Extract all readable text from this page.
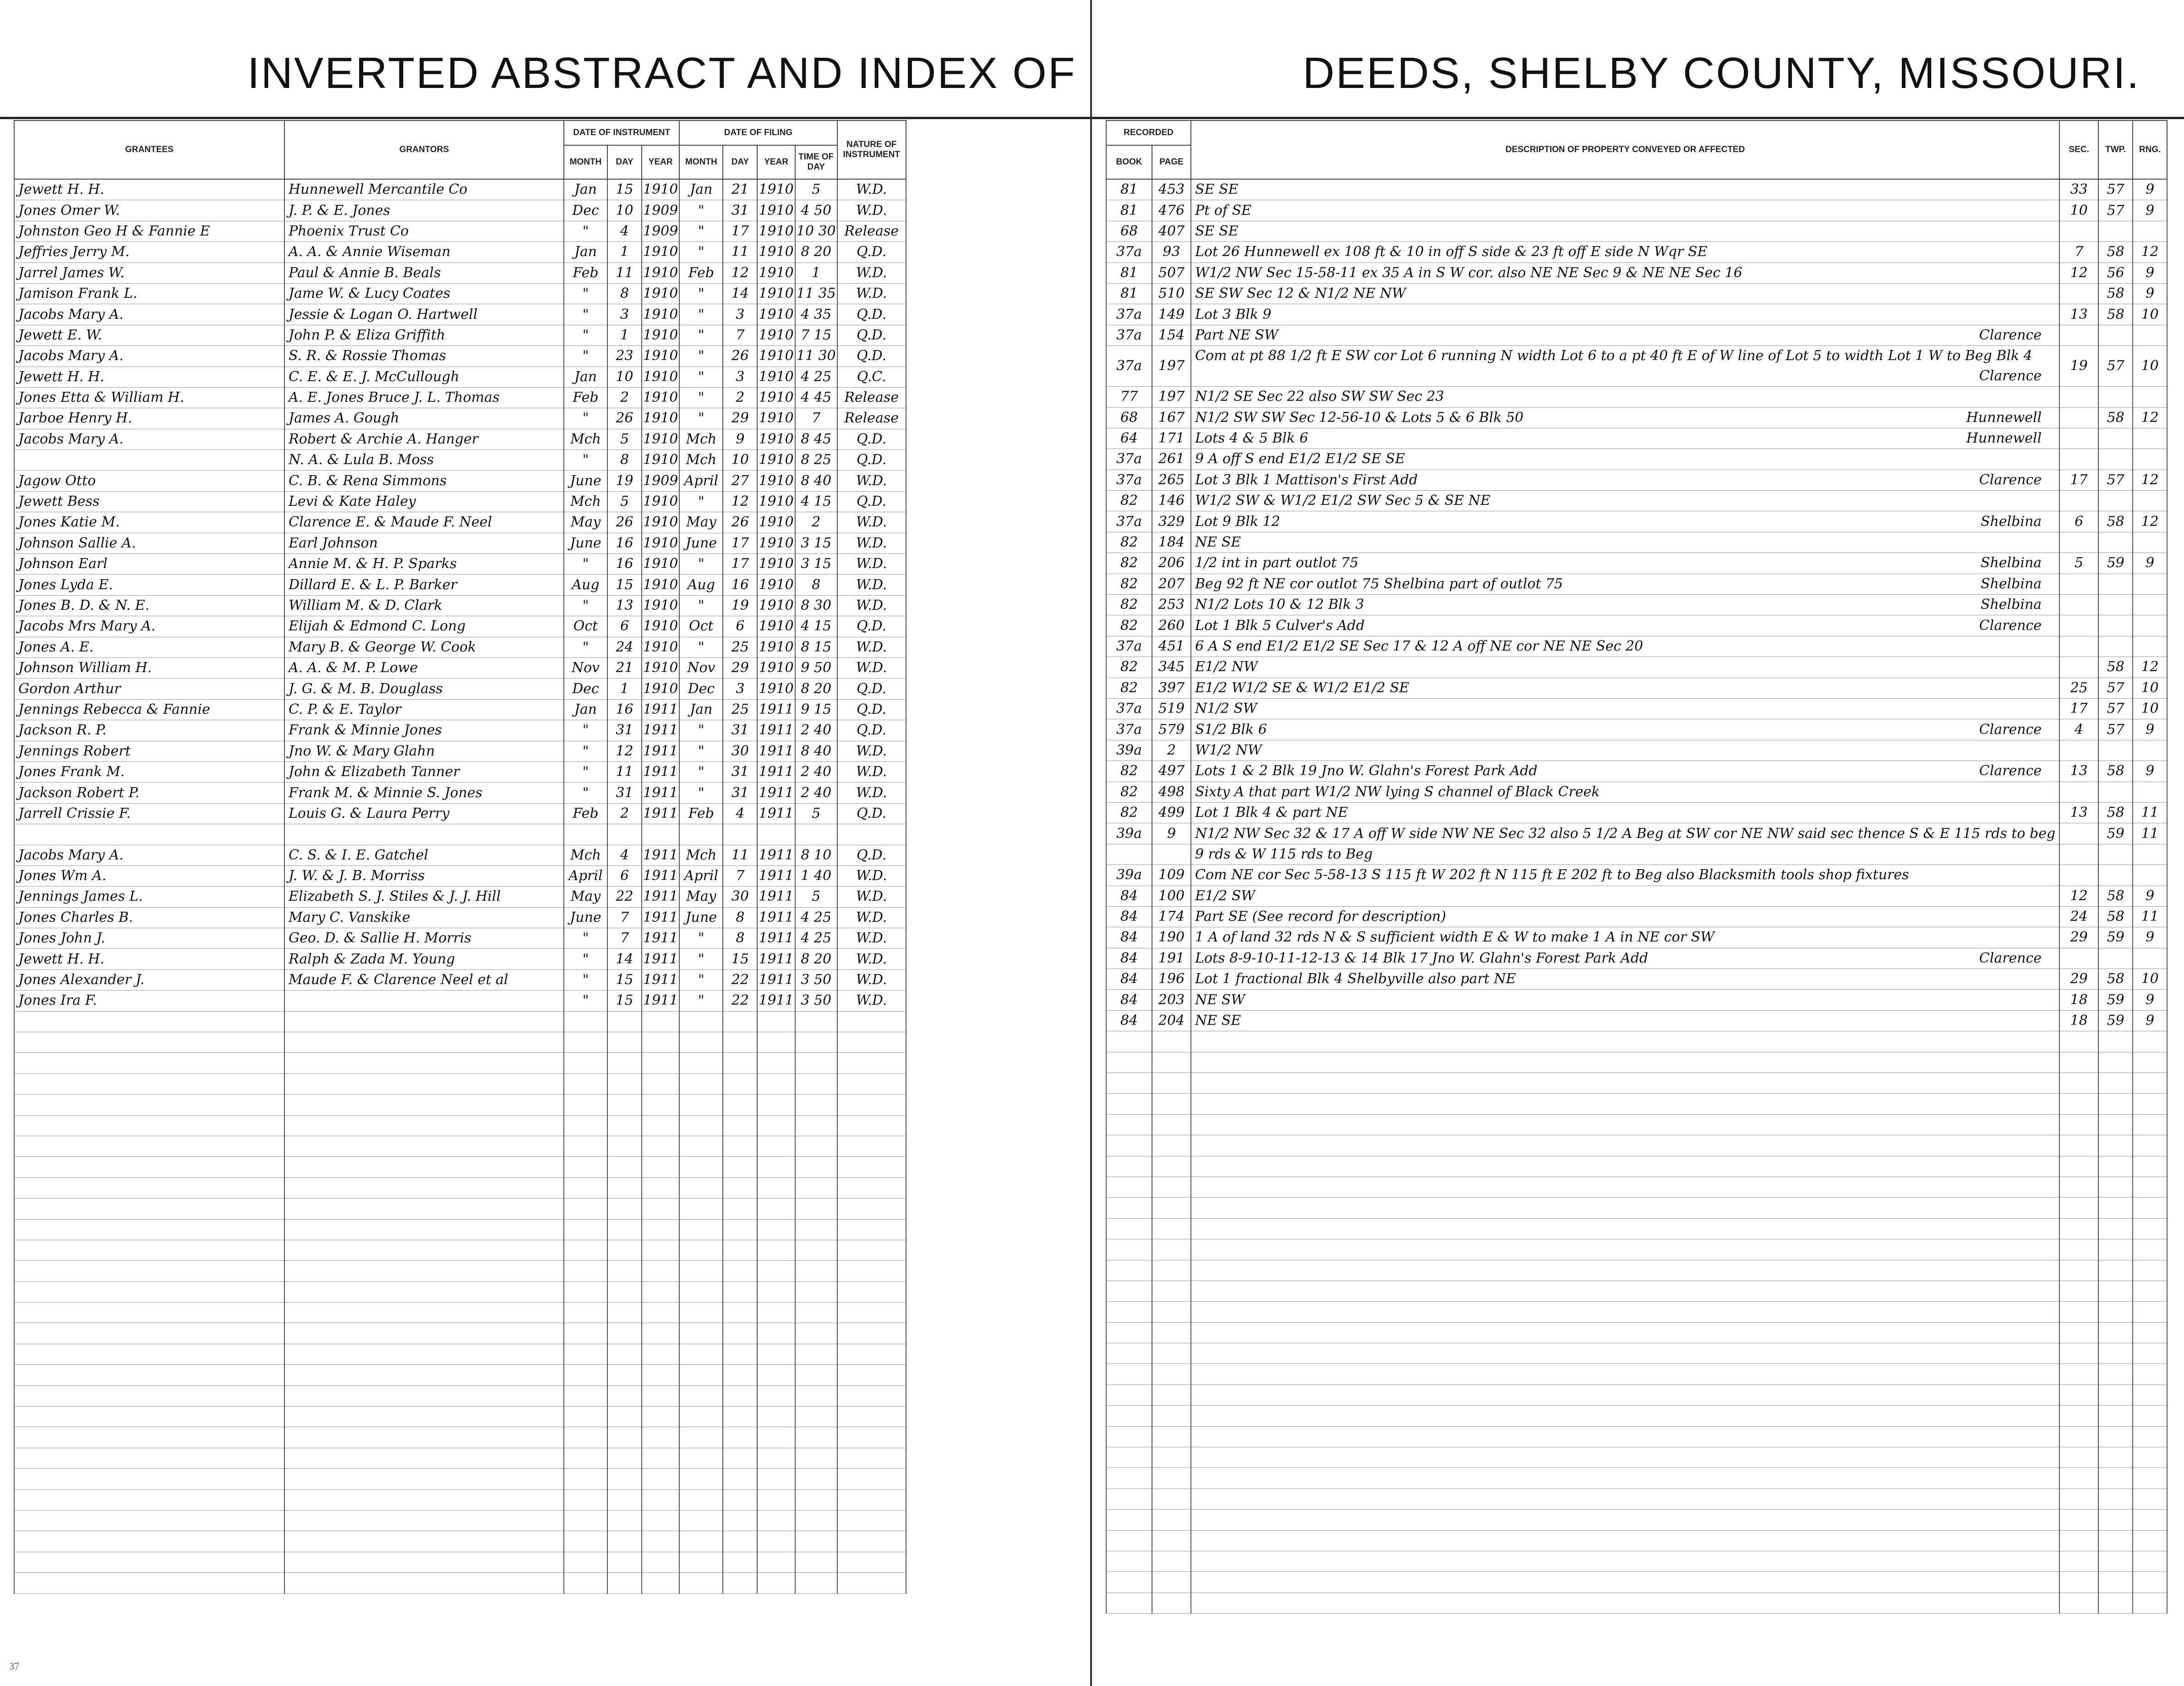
INVERTED ABSTRACT AND INDEX OF
GRANTEES	GRANTORS	DATE OF INSTRUMENT			DATE OF FILING				NATURE OF INSTRUMENT
		MONTH	DAY	YEAR	MONTH	DAY	YEAR	TIME OF DAY	
Jewett H. H.	Hunnewell Mercantile Co	Jan	15	1910	Jan	21	1910	5	W.D.
Jones Omer W.	J. P. & E. Jones	Dec	10	1909	"	31	1910	4 50	W.D.
Johnston Geo H & Fannie E	Phoenix Trust Co	"	4	1909	"	17	1910	10 30	Release
Jeffries Jerry M.	A. A. & Annie Wiseman	Jan	1	1910	"	11	1910	8 20	Q.D.
Jarrel James W.	Paul & Annie B. Beals	Feb	11	1910	Feb	12	1910	1	W.D.
Jamison Frank L.	Jame W. & Lucy Coates	"	8	1910	"	14	1910	11 35	W.D.
Jacobs Mary A.	Jessie & Logan O. Hartwell	"	3	1910	"	3	1910	4 35	Q.D.
Jewett E. W.	John P. & Eliza Griffith	"	1	1910	"	7	1910	7 15	Q.D.
Jacobs Mary A.	S. R. & Rossie Thomas	"	23	1910	"	26	1910	11 30	Q.D.
Jewett H. H.	C. E. & E. J. McCullough	Jan	10	1910	"	3	1910	4 25	Q.C.
Jones Etta & William H.	A. E. Jones Bruce J. L. Thomas	Feb	2	1910	"	2	1910	4 45	Release
Jarboe Henry H.	James A. Gough	"	26	1910	"	29	1910	7	Release
Jacobs Mary A.	Robert & Archie A. Hanger	Mch	5	1910	Mch	9	1910	8 45	Q.D.
	N. A. & Lula B. Moss	"	8	1910	Mch	10	1910	8 25	Q.D.
Jagow Otto	C. B. & Rena Simmons	June	19	1909	April	27	1910	8 40	W.D.
Jewett Bess	Levi & Kate Haley	Mch	5	1910	"	12	1910	4 15	Q.D.
Jones Katie M.	Clarence E. & Maude F. Neel	May	26	1910	May	26	1910	2	W.D.
Johnson Sallie A.	Earl Johnson	June	16	1910	June	17	1910	3 15	W.D.
Johnson Earl	Annie M. & H. P. Sparks	"	16	1910	"	17	1910	3 15	W.D.
Jones Lyda E.	Dillard E. & L. P. Barker	Aug	15	1910	Aug	16	1910	8	W.D.
Jones B. D. & N. E.	William M. & D. Clark	"	13	1910	"	19	1910	8 30	W.D.
Jacobs Mrs Mary A.	Elijah & Edmond C. Long	Oct	6	1910	Oct	6	1910	4 15	Q.D.
Jones A. E.	Mary B. & George W. Cook	"	24	1910	"	25	1910	8 15	W.D.
Johnson William H.	A. A. & M. P. Lowe	Nov	21	1910	Nov	29	1910	9 50	W.D.
Gordon Arthur	J. G. & M. B. Douglass	Dec	1	1910	Dec	3	1910	8 20	Q.D.
Jennings Rebecca & Fannie	C. P. & E. Taylor	Jan	16	1911	Jan	25	1911	9 15	Q.D.
Jackson R. P.	Frank & Minnie Jones	"	31	1911	"	31	1911	2 40	Q.D.
Jennings Robert	Jno W. & Mary Glahn	"	12	1911	"	30	1911	8 40	W.D.
Jones Frank M.	John & Elizabeth Tanner	"	11	1911	"	31	1911	2 40	W.D.
Jackson Robert P.	Frank M. & Minnie S. Jones	"	31	1911	"	31	1911	2 40	W.D.
Jarrell Crissie F.	Louis G. & Laura Perry	Feb	2	1911	Feb	4	1911	5	Q.D.

Jacobs Mary A.	C. S. & I. E. Gatchel	Mch	4	1911	Mch	11	1911	8 10	Q.D.
Jones Wm A.	J. W. & J. B. Morriss	April	6	1911	April	7	1911	1 40	W.D.
Jennings James L.	Elizabeth S. J. Stiles & J. J. Hill	May	22	1911	May	30	1911	5	W.D.
Jones Charles B.	Mary C. Vanskike	June	7	1911	June	8	1911	4 25	W.D.
Jones John J.	Geo. D. & Sallie H. Morris	"	7	1911	"	8	1911	4 25	W.D.
Jewett H. H.	Ralph & Zada M. Young	"	14	1911	"	15	1911	8 20	W.D.
Jones Alexander J.	Maude F. & Clarence Neel et al	"	15	1911	"	22	1911	3 50	W.D.
Jones Ira F.		"	15	1911	"	22	1911	3 50	W.D.

37
DEEDS, SHELBY COUNTY, MISSOURI.
RECORDED		DESCRIPTION OF PROPERTY CONVEYED OR AFFECTED	SEC.	TWP.	RNG.
BOOK	PAGE				
81	453	SE SE	33	57	9
81	476	Pt of SE	10	57	9
68	407	SE SE			
37a	93	Lot 26 Hunnewell ex 108 ft & 10 in off S side & 23 ft off E side N Wqr SE	7	58	12
81	507	W1/2 NW Sec 15-58-11 ex 35 A in S W cor. also NE NE Sec 9 & NE NE Sec 16	12	56	9
81	510	SE SW Sec 12 & N1/2 NE NW		58	9
37a	149	Lot 3 Blk 9	13	58	10
37a	154	Part NE SW Clarence			

37a	197	Com at pt 88 1/2 ft E SW cor Lot 6 running N width Lot 6 to a pt 40 ft E of W line of Lot 5 to width Lot 1 W to Beg Blk 4
Clarence	19	57	10
77	197	N1/2 SE Sec 22 also SW SW Sec 23			
68	167	N1/2 SW SW Sec 12-56-10 & Lots 5 & 6 Blk 50 Hunnewell		58	12
64	171	Lots 4 & 5 Blk 6 Hunnewell			

37a	261	9 A off S end E1/2 E1/2 SE SE			
37a	265	Lot 3 Blk 1 Mattison's First Add Clarence	17	57	12
82	146	W1/2 SW & W1/2 E1/2 SW Sec 5 & SE NE			
37a	329	Lot 9 Blk 12 Shelbina	6	58	12
82	184	NE SE			
82	206	1/2 int in part outlot 75 Shelbina	5	59	9
82	207	Beg 92 ft NE cor outlot 75 Shelbina part of outlot 75 Shelbina			

82	253	N1/2 Lots 10 & 12 Blk 3 Shelbina			

82	260	Lot 1 Blk 5 Culver's Add Clarence			

37a	451	6 A S end E1/2 E1/2 SE Sec 17 & 12 A off NE cor NE NE Sec 20			
82	345	E1/2 NW		58	12
82	397	E1/2 W1/2 SE & W1/2 E1/2 SE	25	57	10
37a	519	N1/2 SW	17	57	10
37a	579	S1/2 Blk 6 Clarence	4	57	9
39a	2	W1/2 NW			
82	497	Lots 1 & 2 Blk 19 Jno W. Glahn's Forest Park Add Clarence	13	58	9
82	498	Sixty A that part W1/2 NW lying S channel of Black Creek			
82	499	Lot 1 Blk 4 & part NE	13	58	11
39a	9	N1/2 NW Sec 32 & 17 A off W side NW NE Sec 32 also 5 1/2 A Beg at SW cor NE NW said sec thence S & E 115 rds to beg		59	11
		9 rds & W 115 rds to Beg			
39a	109	Com NE cor Sec 5-58-13 S 115 ft W 202 ft N 115 ft E 202 ft to Beg also Blacksmith tools shop fixtures			
84	100	E1/2 SW	12	58	9
84	174	Part SE (See record for description)	24	58	11
84	190	1 A of land 32 rds N & S sufficient width E & W to make 1 A in NE cor SW	29	59	9
84	191	Lots 8-9-10-11-12-13 & 14 Blk 17 Jno W. Glahn's Forest Park Add Clarence			

84	196	Lot 1 fractional Blk 4 Shelbyville also part NE	29	58	10
84	203	NE SW	18	59	9
84	204	NE SE	18	59	9
